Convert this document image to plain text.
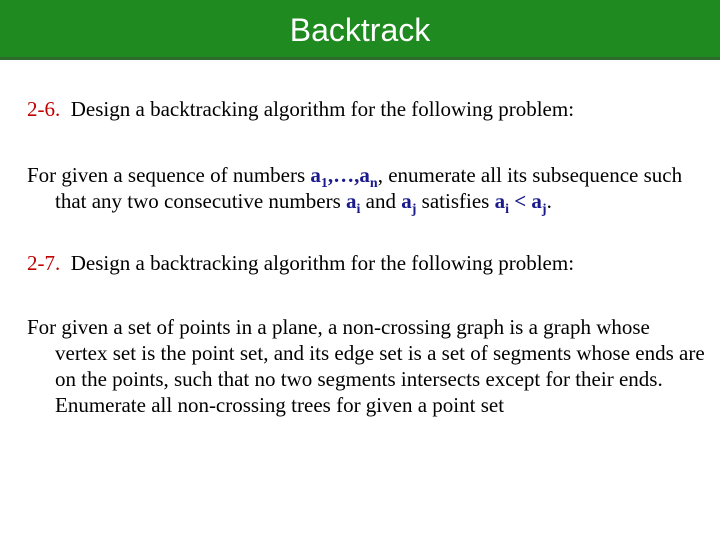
Backtrack

2-6. Design a backtracking algorithm for the following problem:

For given a sequence of numbers $a_1,\dots,a_n$, enumerate all its subsequence such that any two consecutive numbers $a_i$ and $a_j$ satisfies $a_i < a_j$.

2-7. Design a backtracking algorithm for the following problem:

For given a set of points in a plane, a non-crossing graph is a graph whose vertex set is the point set, and its edge set is a set of segments whose ends are on the points, such that no two segments intersects except for their ends. Enumerate all non-crossing trees for given a point set
